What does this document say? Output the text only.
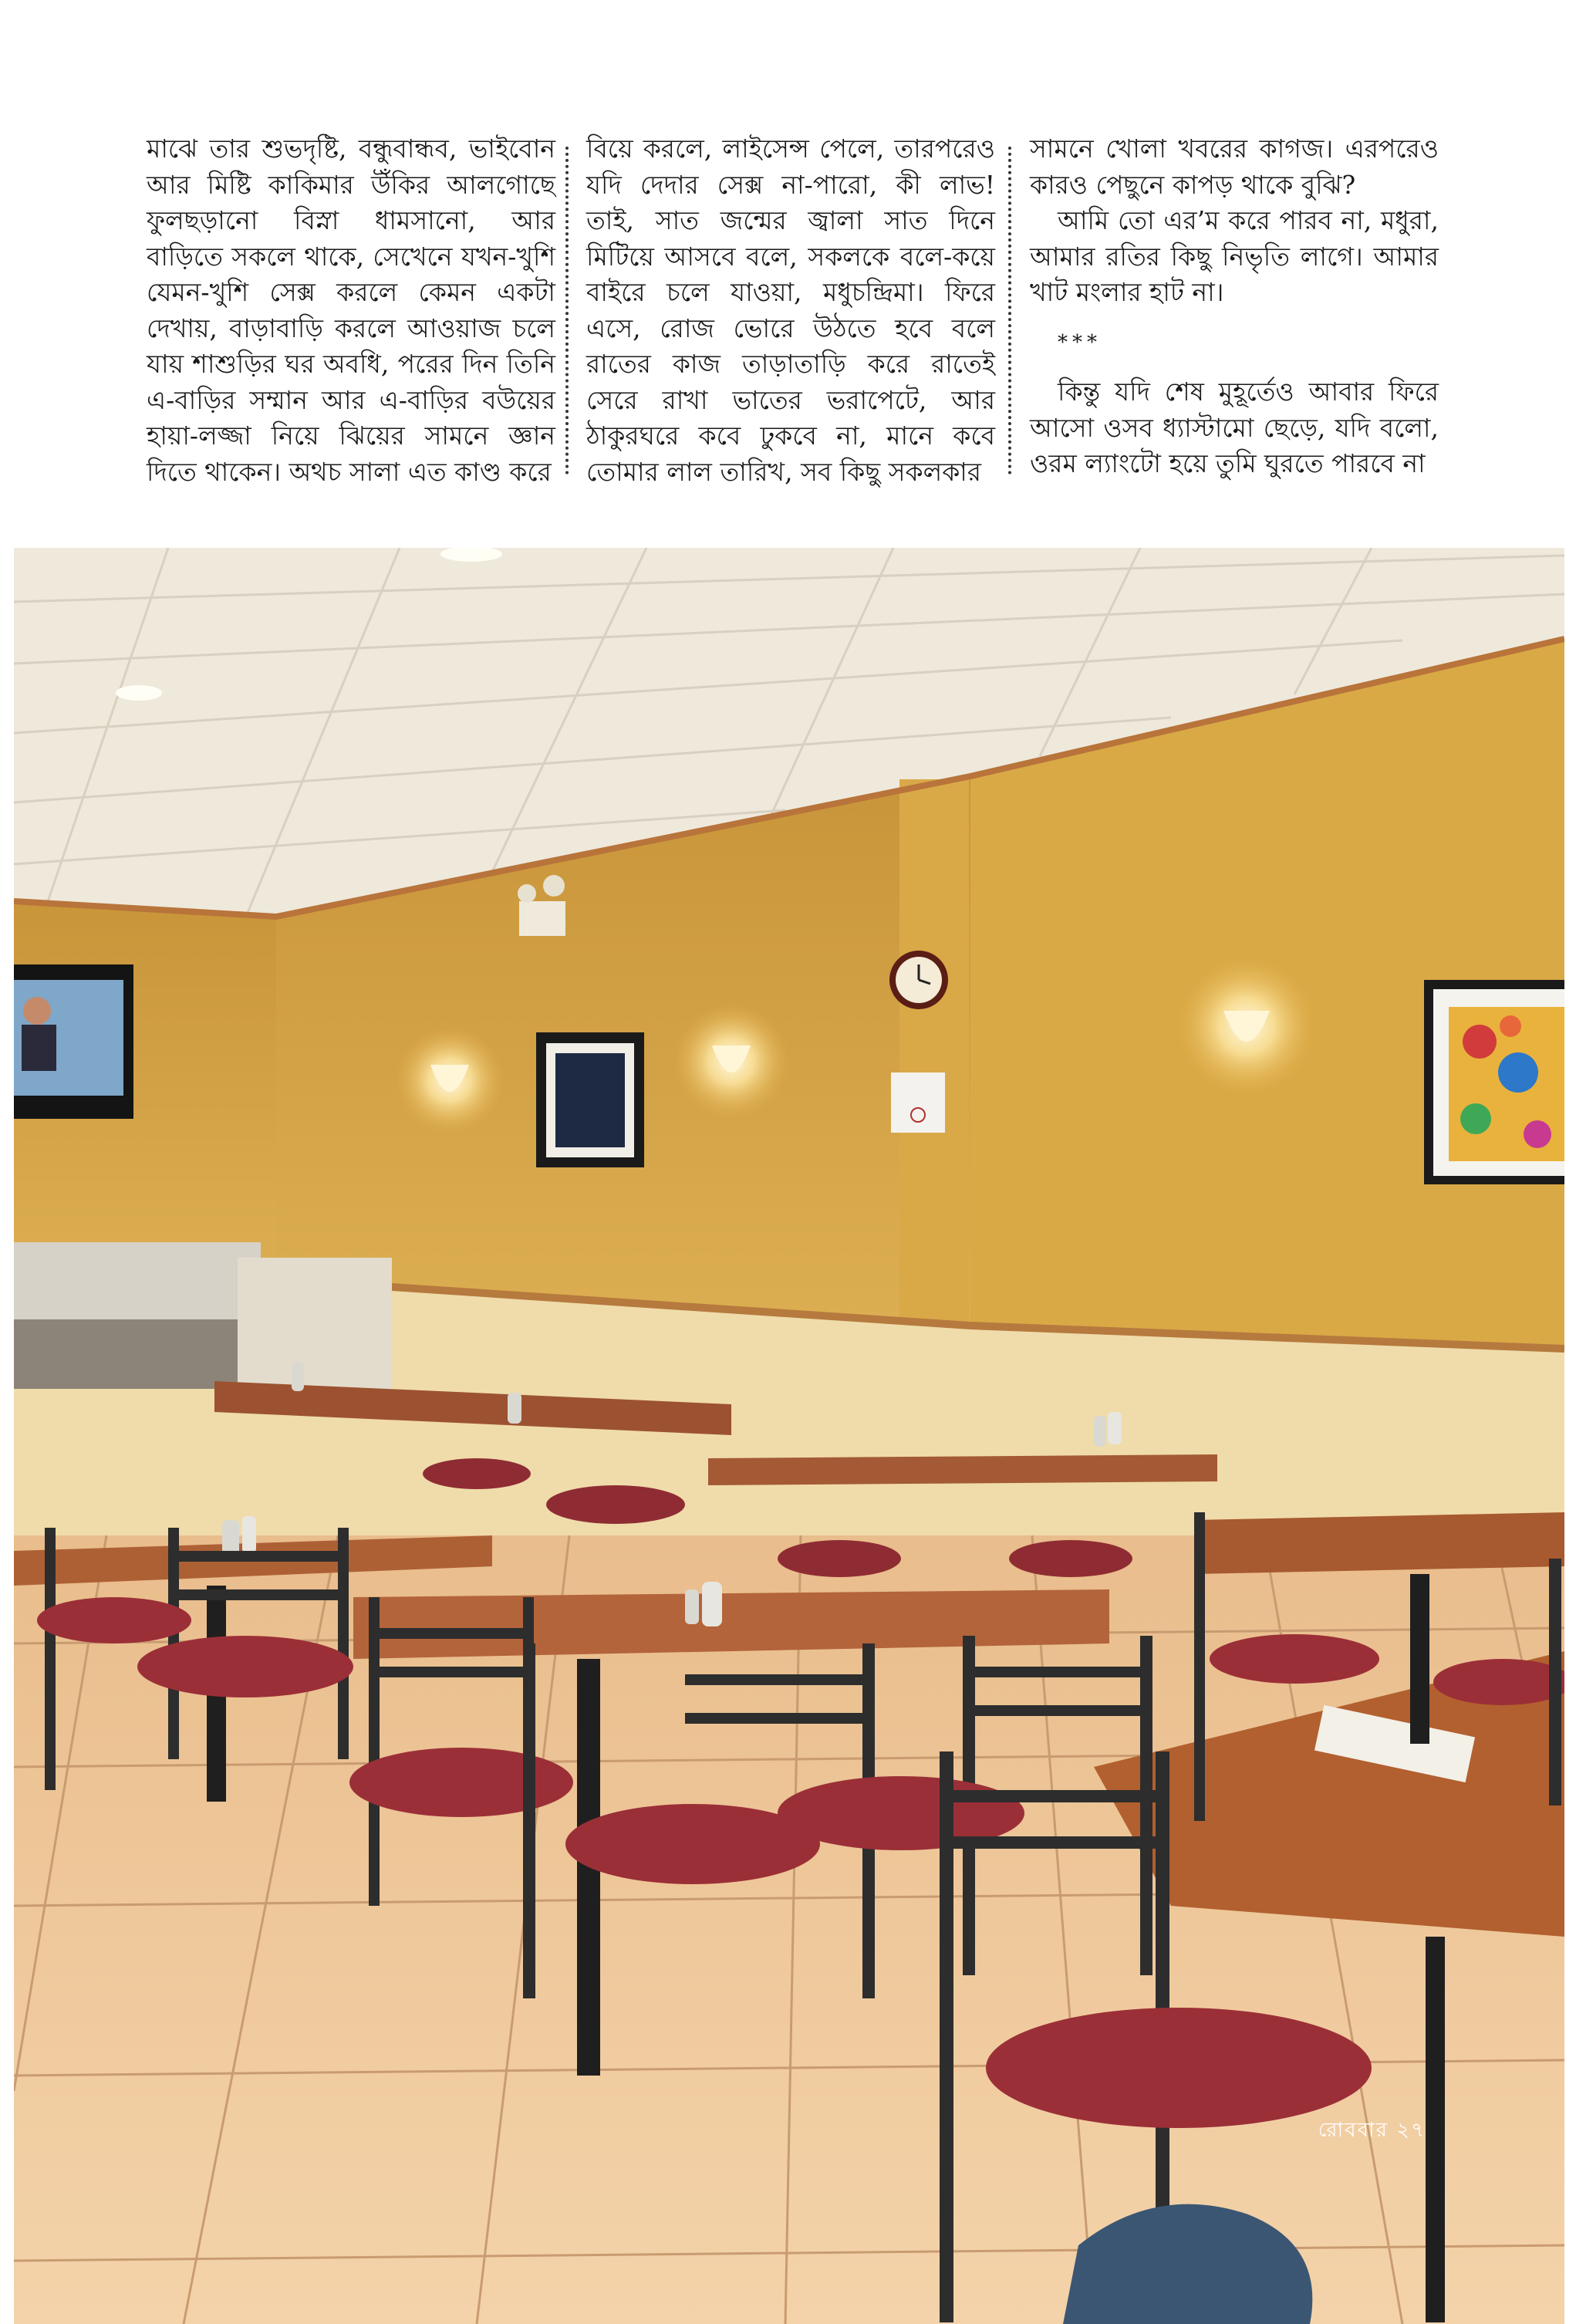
মাঝে তার শুভদৃষ্টি, বন্ধুবান্ধব, ভাইবোন আর মিষ্টি কাকিমার উঁকির আলগোছে ফুলছড়ানো বিস্না ধামসানো, আর বাড়িতে সকলে থাকে, সেখেনে যখন-খুশি যেমন-খুশি সেক্স করলে কেমন একটা দেখায়, বাড়াবাড়ি করলে আওয়াজ চলে যায় শাশুড়ির ঘর অবধি, পরের দিন তিনি এ-বাড়ির সম্মান আর এ-বাড়ির বউয়ের হায়া-লজ্জা নিয়ে ঝিয়ের সামনে জ্ঞান দিতে থাকেন। অথচ সালা এত কাণ্ড করে

বিয়ে করলে, লাইসেন্স পেলে, তারপরেও যদি দেদার সেক্স না-পারো, কী লাভ! তাই, সাত জন্মের জ্বালা সাত দিনে মিটিয়ে আসবে বলে, সকলকে বলে-কয়ে বাইরে চলে যাওয়া, মধুচন্দ্রিমা। ফিরে এসে, রোজ ভোরে উঠতে হবে বলে রাতের কাজ তাড়াতাড়ি করে রাতেই সেরে রাখা ভাতের ভরাপেটে, আর ঠাকুরঘরে কবে ঢুকবে না, মানে কবে তোমার লাল তারিখ, সব কিছু সকলকার

সামনে খোলা খবরের কাগজ। এরপরেও কারও পেছুনে কাপড় থাকে বুঝি?

আমি তো এর’ম করে পারব না, মধুরা, আমার রতির কিছু নিভৃতি লাগে। আমার খাট মংলার হাট না।

***

কিন্তু যদি শেষ মুহূর্তেও আবার ফিরে আসো ওসব ধ্যাস্টামো ছেড়ে, যদি বলো, ওরম ল্যাংটো হয়ে তুমি ঘুরতে পারবে না

রোববার ২৭
